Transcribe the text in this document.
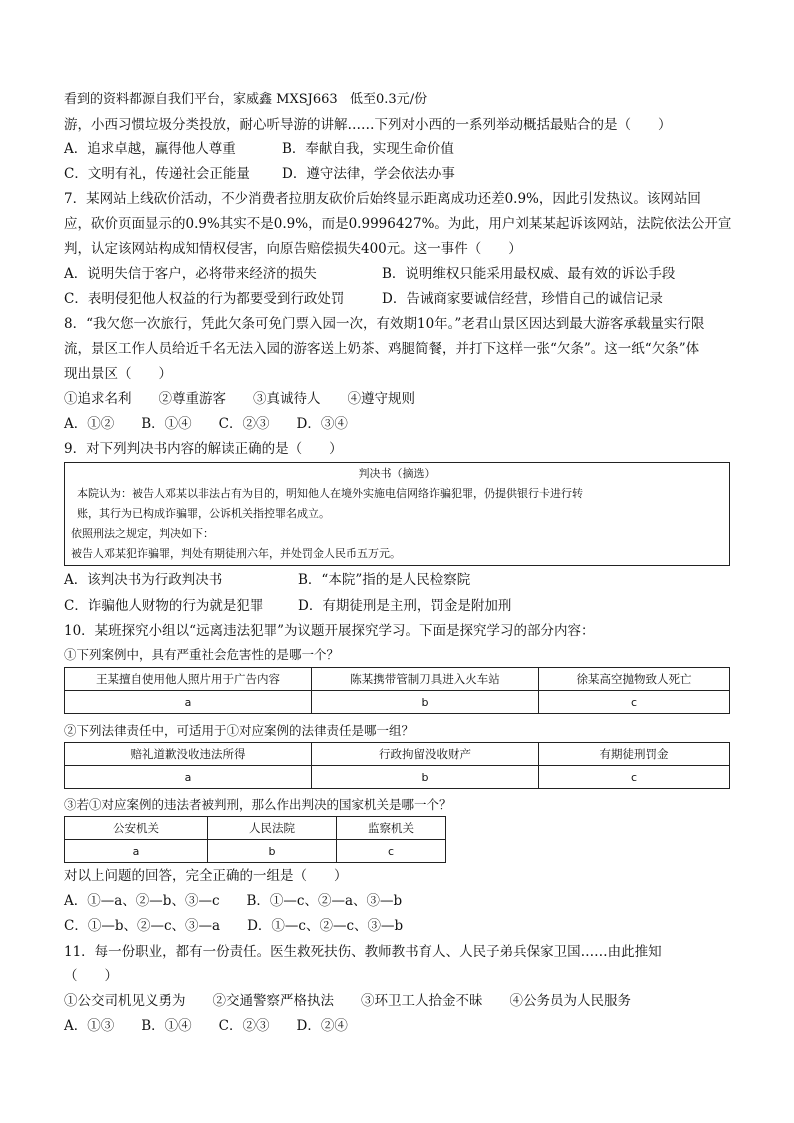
看到的资料都源自我们平台，家威鑫 MXSJ663   低至0.3元/份
游，小西习惯垃圾分类投放，耐心听导游的讲解……下列对小西的一系列举动概括最贴合的是（　　）
A．追求卓越，赢得他人尊重	B．奉献自我，实现生命价值
C．文明有礼，传递社会正能量 D．遵守法律，学会依法办事
7．某网站上线砍价活动，不少消费者拉朋友砍价后始终显示距离成功还差0.9%，因此引发热议。该网站回
应，砍价页面显示的0.9%其实不是0.9%，而是0.9996427%。为此，用户刘某某起诉该网站，法院依法公开宣
判，认定该网站构成知情权侵害，向原告赔偿损失400元。这一事件（　　）
A．说明失信于客户，必将带来经济的损失	B．说明维权只能采用最权威、最有效的诉讼手段
C．表明侵犯他人权益的行为都要受到行政处罚	D．告诫商家要诚信经营，珍惜自己的诚信记录
8．“我欠您一次旅行，凭此欠条可免门票入园一次，有效期10年。”老君山景区因达到最大游客承载量实行限
流，景区工作人员给近千名无法入园的游客送上奶茶、鸡腿简餐，并打下这样一张“欠条”。这一纸“欠条”体
现出景区（　　）
①追求名利　　②尊重游客　　③真诚待人　　④遵守规则
A．①②　　B．①④　　C．②③　　D．③④
9．对下列判决书内容的解读正确的是（　　）
判决书（摘选）
本院认为：被告人邓某以非法占有为目的，明知他人在境外实施电信网络诈骗犯罪，仍提供银行卡进行转
账，其行为已构成诈骗罪，公诉机关指控罪名成立。
依照刑法之规定，判决如下：
被告人邓某犯诈骗罪，判处有期徒刑六年，并处罚金人民币五万元。
A．该判决书为行政判决书	B．“本院”指的是人民检察院
C．诈骗他人财物的行为就是犯罪	D．有期徒刑是主刑，罚金是附加刑
10．某班探究小组以“远离违法犯罪”为议题开展探究学习。下面是探究学习的部分内容：
①下列案例中，具有严重社会危害性的是哪一个？
王某擅自使用他人照片用于广告内容	陈某携带管制刀具进入火车站	徐某高空抛物致人死亡
a	b	c
②下列法律责任中，可适用于①对应案例的法律责任是哪一组？
赔礼道歉没收违法所得	行政拘留没收财产	有期徒刑罚金
a	b	c
③若①对应案例的违法者被判刑，那么作出判决的国家机关是哪一个？
公安机关	人民法院	监察机关
a	b	c
对以上问题的回答，完全正确的一组是（　　）
A．①—a、②—b、③—c　　B．①—c、②—a、③—b
C．①—b、②—c、③—a　　D．①—c、②—c、③—b
11．每一份职业，都有一份责任。医生救死扶伤、教师教书育人、人民子弟兵保家卫国……由此推知
（　　）
①公交司机见义勇为　　②交通警察严格执法　　③环卫工人拾金不昧　　④公务员为人民服务
A．①③　　B．①④　　C．②③　　D．②④
